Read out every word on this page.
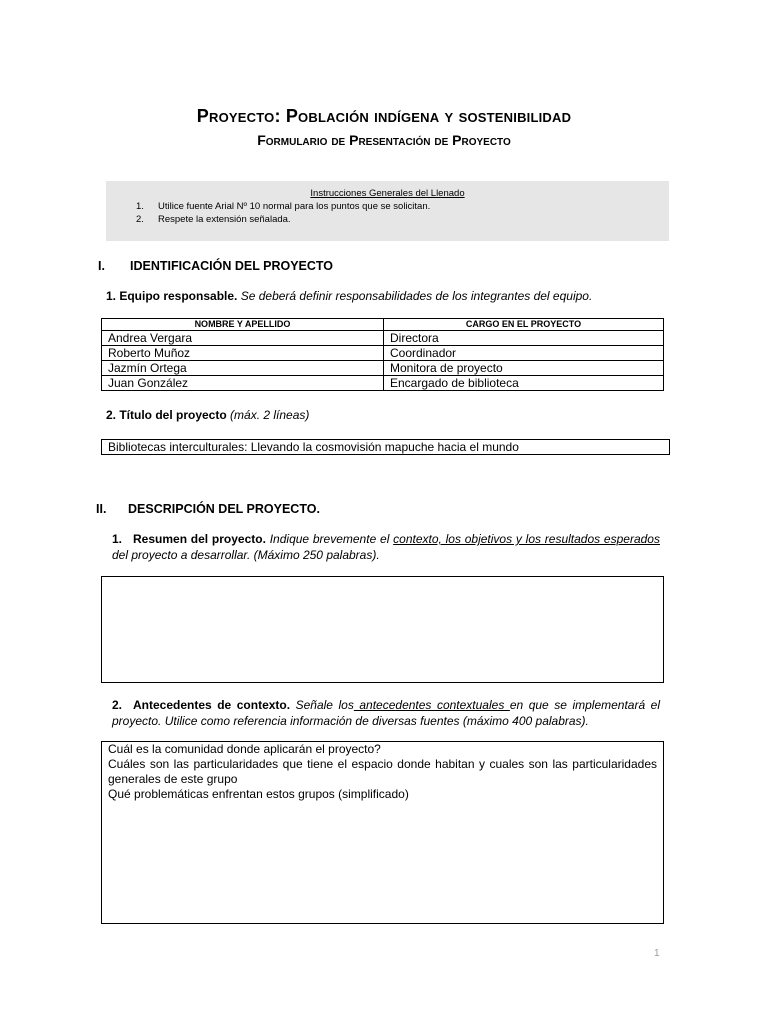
Proyecto: Población indígena y sostenibilidad
Formulario de Presentación de Proyecto
Instrucciones Generales del Llenado
1.	Utilice fuente Arial Nº 10 normal para los puntos que se solicitan.
2.	Respete la extensión señalada.
I. IDENTIFICACIÓN DEL PROYECTO
1. Equipo responsable. Se deberá definir responsabilidades de los integrantes del equipo.
NOMBRE Y APELLIDO	CARGO EN EL PROYECTO
Andrea Vergara	Directora
Roberto Muñoz	Coordinador
Jazmín Ortega	Monitora de proyecto
Juan González	Encargado de biblioteca
2. Título del proyecto (máx. 2 líneas)
Bibliotecas interculturales: Llevando la cosmovisión mapuche hacia el mundo
II. DESCRIPCIÓN DEL PROYECTO.
1. Resumen del proyecto. Indique brevemente el contexto, los objetivos y los resultados esperados del proyecto a desarrollar. (Máximo 250 palabras).
2. Antecedentes de contexto. Señale los antecedentes contextuales en que se implementará el proyecto. Utilice como referencia información de diversas fuentes (máximo 400 palabras).
Cuál es la comunidad donde aplicarán el proyecto?
Cuáles son las particularidades que tiene el espacio donde habitan y cuales son las particularidades generales de este grupo
Qué problemáticas enfrentan estos grupos (simplificado)
1
